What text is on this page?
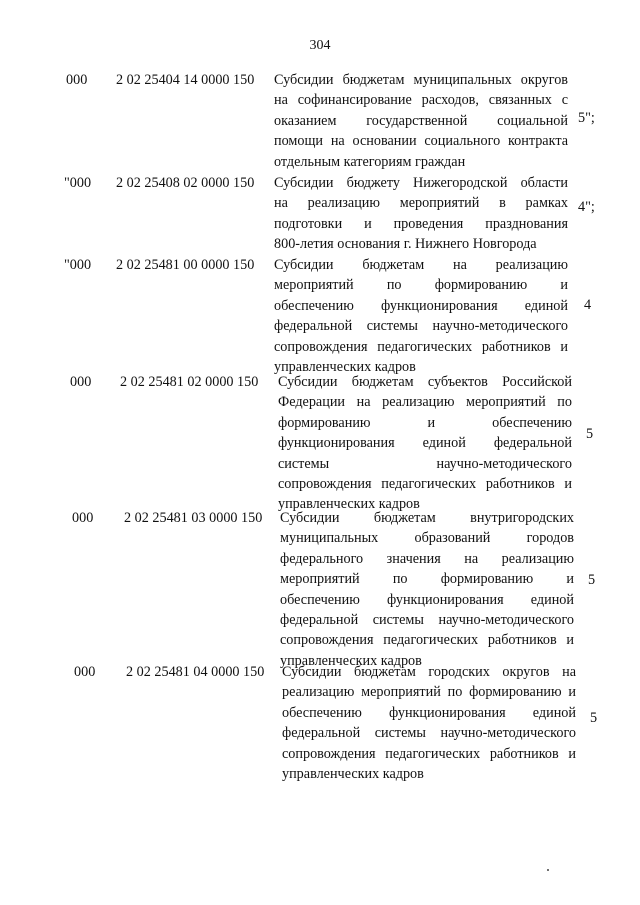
304
000	2 02 25404 14 0000 150	Субсидии бюджетам муниципальных округов
на софинансирование расходов, связанных с
оказанием государственной социальной
помощи на основании социального контракта
отдельным категориям граждан
5";
"000	2 02 25408 02 0000 150	Субсидии бюджету Нижегородской области
на реализацию мероприятий в рамках
подготовки и проведения празднования
800-летия основания г. Нижнего Новгорода
4";
"000	2 02 25481 00 0000 150	Субсидии бюджетам на реализацию
мероприятий по формированию и
обеспечению функционирования единой
федеральной системы научно-методического
сопровождения педагогических работников и
управленческих кадров
4
000	2 02 25481 02 0000 150	Субсидии бюджетам субъектов Российской
Федерации на реализацию мероприятий по
формированию и обеспечению
функционирования единой федеральной
системы научно-методического
сопровождения педагогических работников и
управленческих кадров
5
000	2 02 25481 03 0000 150	Субсидии бюджетам внутригородских
муниципальных образований городов
федерального значения на реализацию
мероприятий по формированию и
обеспечению функционирования единой
федеральной системы научно-методического
сопровождения педагогических работников и
управленческих кадров
5
000	2 02 25481 04 0000 150	Субсидии бюджетам городских округов на
реализацию мероприятий по формированию и
обеспечению функционирования единой
федеральной системы научно-методического
сопровождения педагогических работников и
управленческих кадров
5
